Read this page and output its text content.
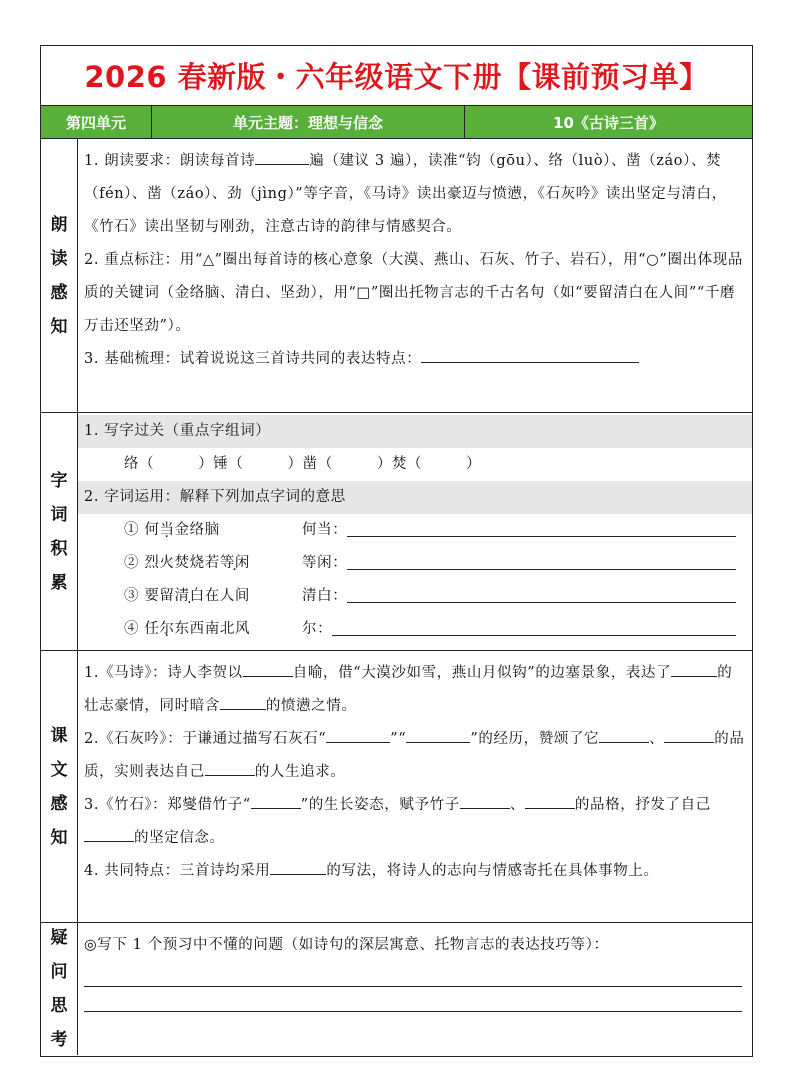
2026 春新版・六年级语文下册【课前预习单】
第四单元	单元主题：理想与信念	10《古诗三首》
朗
读
感
知
1. 朗读要求：朗读每首诗	遍（建议 3 遍），读准“钧（gōu）、络（luò）、凿（záo）、焚（fén）、凿（záo）、劲（jìng）”等字音，《马诗》读出豪迈与愤懑，《石灰吟》读出坚定与清白，《竹石》读出坚韧与刚劲，注意古诗的韵律与情感契合。
2. 重点标注：用“△”圈出每首诗的核心意象（大漠、燕山、石灰、竹子、岩石），用“○”圈出体现品质的关键词（金络脑、清白、坚劲），用“□”圈出托物言志的千古名句（如“要留清白在人间”“千磨万击还坚劲”）。
3. 基础梳理：试着说说这三首诗共同的表达特点：
字
词
积
累
1. 写字过关（重点字组词）
络（	）锤（	）凿（	）焚（	）
2. 字词运用：解释下列加点字词的意思
① 何当金络脑	何当：
② 烈火焚烧若等闲	等闲：
③ 要留清白在人间	清白：
④ 任尔东西南北风	尔：
课
文
感
知
1.《马诗》：诗人李贺以	自喻，借“大漠沙如雪，燕山月似钩”的边塞景象，表达了	的壮志豪情，同时暗含	的愤懑之情。
2.《石灰吟》：于谦通过描写石灰石“	”“	”的经历，赞颂了它	、	的品质，实则表达自己	的人生追求。
3.《竹石》：郑燮借竹子“	”的生长姿态，赋予竹子	、	的品格，抒发了自己的坚定信念。
4. 共同特点：三首诗均采用	的写法，将诗人的志向与情感寄托在具体事物上。
疑
问
思
考
◎写下 1 个预习中不懂的问题（如诗句的深层寓意、托物言志的表达技巧等）：
